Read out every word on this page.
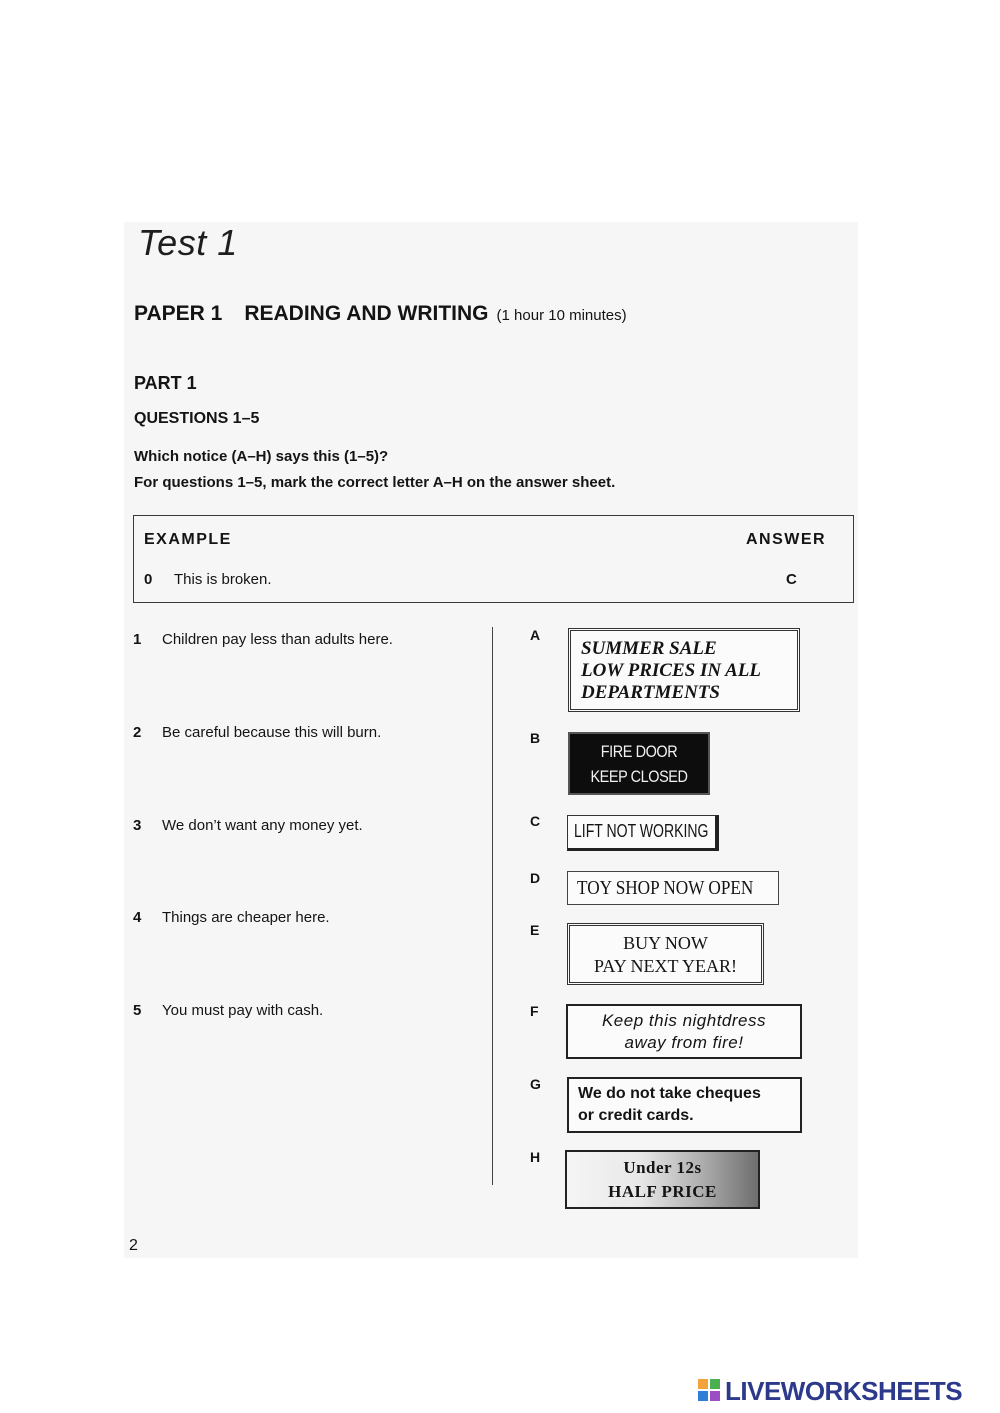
Test 1
PAPER 1 READING AND WRITING (1 hour 10 minutes)
PART 1
QUESTIONS 1–5
Which notice (A–H) says this (1–5)?
For questions 1–5, mark the correct letter A–H on the answer sheet.
EXAMPLE	ANSWER
0 This is broken.	C
1 Children pay less than adults here.
2 Be careful because this will burn.
3 We don’t want any money yet.
4 Things are cheaper here.
5 You must pay with cash.
A
SUMMER SALE
LOW PRICES IN ALL
DEPARTMENTS
B
FIRE DOOR
KEEP CLOSED
C	LIFT NOT WORKING
D	TOY SHOP NOW OPEN
E
BUY NOW
PAY NEXT YEAR!
F	Keep this nightdress
away from fire!
G
We do not take cheques
or credit cards.
H
Under 12s
HALF PRICE
2
LIVEWORKSHEETS
